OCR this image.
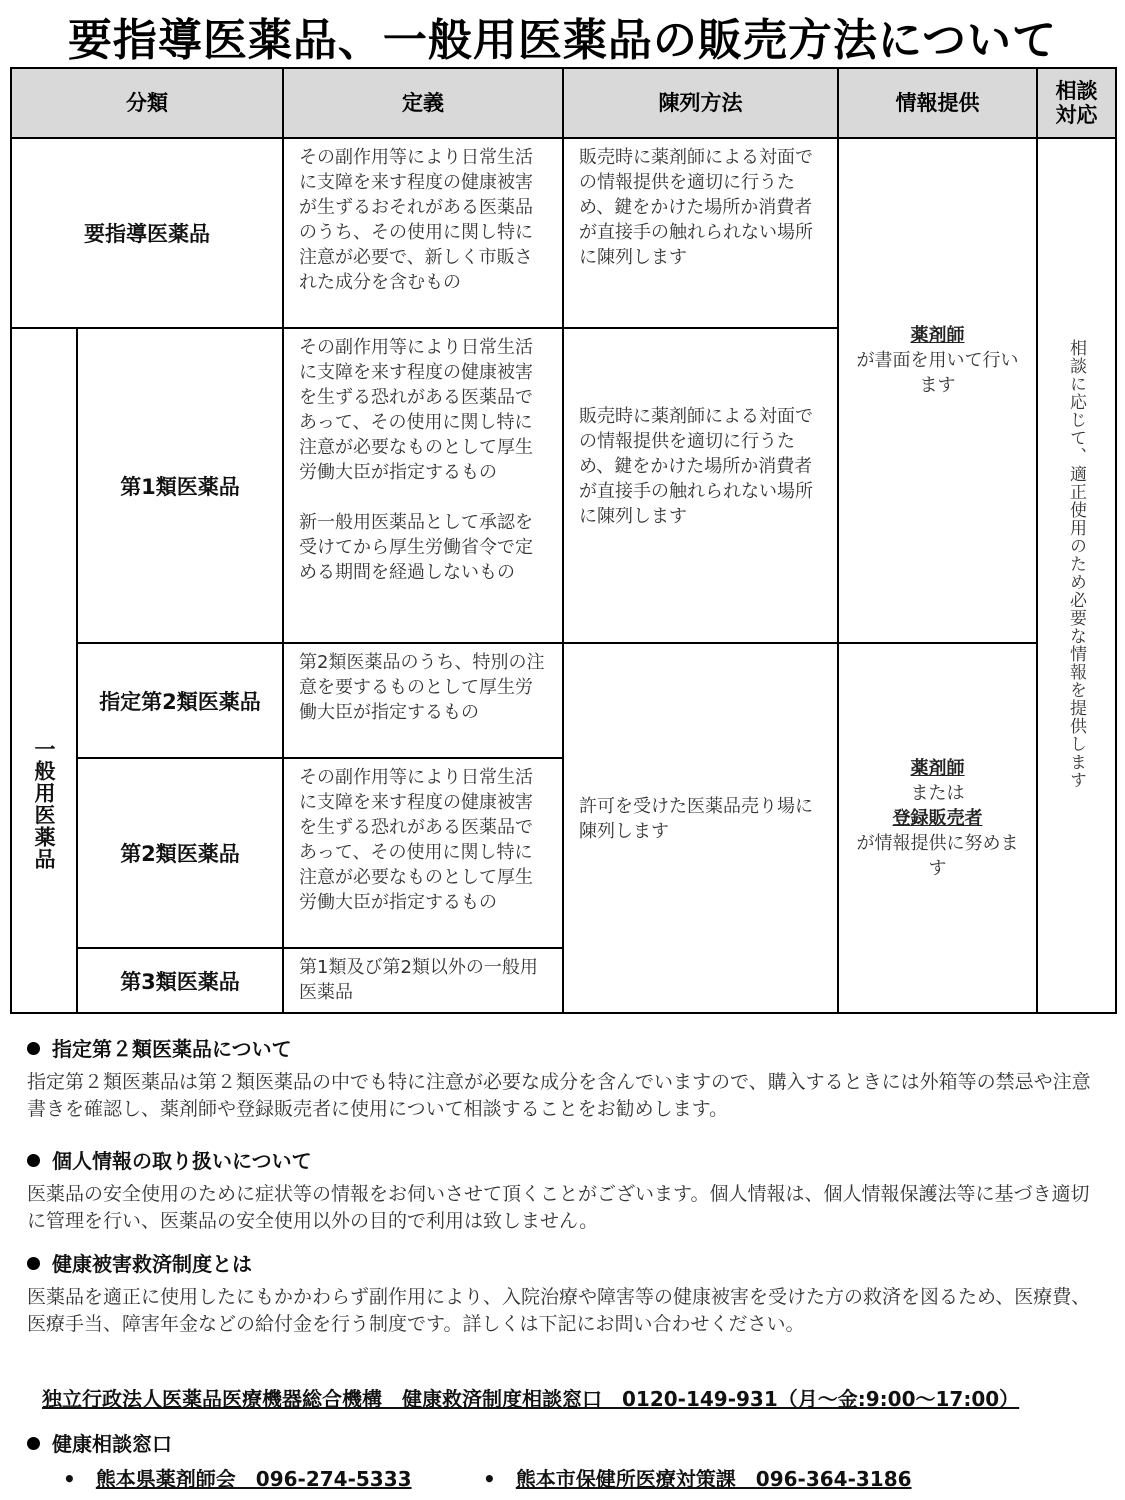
要指導医薬品、一般用医薬品の販売方法について
分類		定義	陳列方法	情報提供	相談対応

要指導医薬品		その副作用等により日常生活に支障を来す程度の健康被害が生ずるおそれがある医薬品のうち、その使用に関し特に注意が必要で、新しく市販された成分を含むもの	販売時に薬剤師による対面での情報提供を適切に行うため、鍵をかけた場所か消費者が直接手の触れられない場所に陳列します	薬剤師
が書面を用いて行います	相談に応じて、適正使用のため必要な情報を提供します
一般用医薬品	第1類医薬品	その副作用等により日常生活に支障を来す程度の健康被害を生ずる恐れがある医薬品であって、その使用に関し特に注意が必要なものとして厚生労働大臣が指定するもの

新一般用医薬品として承認を受けてから厚生労働省令で定める期間を経過しないもの	販売時に薬剤師による対面での情報提供を適切に行うため、鍵をかけた場所か消費者が直接手の触れられない場所に陳列します		

	指定第2類医薬品	第2類医薬品のうち、特別の注意を要するものとして厚生労働大臣が指定するもの	許可を受けた医薬品売り場に陳列します	薬剤師
または
登録販売者
が情報提供に努めます	

	第2類医薬品	その副作用等により日常生活に支障を来す程度の健康被害を生ずる恐れがある医薬品であって、その使用に関し特に注意が必要なものとして厚生労働大臣が指定するもの			
	第3類医薬品	第1類及び第2類以外の一般用医薬品			
指定第２類医薬品について

指定第２類医薬品は第２類医薬品の中でも特に注意が必要な成分を含んでいますので、購入するときには外箱等の禁忌や注意書きを確認し、薬剤師や登録販売者に使用について相談することをお勧めします。

個人情報の取り扱いについて

医薬品の安全使用のために症状等の情報をお伺いさせて頂くことがございます。個人情報は、個人情報保護法等に基づき適切に管理を行い、医薬品の安全使用以外の目的で利用は致しません。

健康被害救済制度とは

医薬品を適正に使用したにもかかわらず副作用により、入院治療や障害等の健康被害を受けた方の救済を図るため、医療費、医療手当、障害年金などの給付金を行う制度です。詳しくは下記にお問い合わせください。

独立行政法人医薬品医療機器総合機構　健康救済制度相談窓口　0120-149-931（月～金:9:00～17:00）
健康相談窓口
• 熊本県薬剤師会　096-274-5333	• 熊本市保健所医療対策課　096-364-3186
